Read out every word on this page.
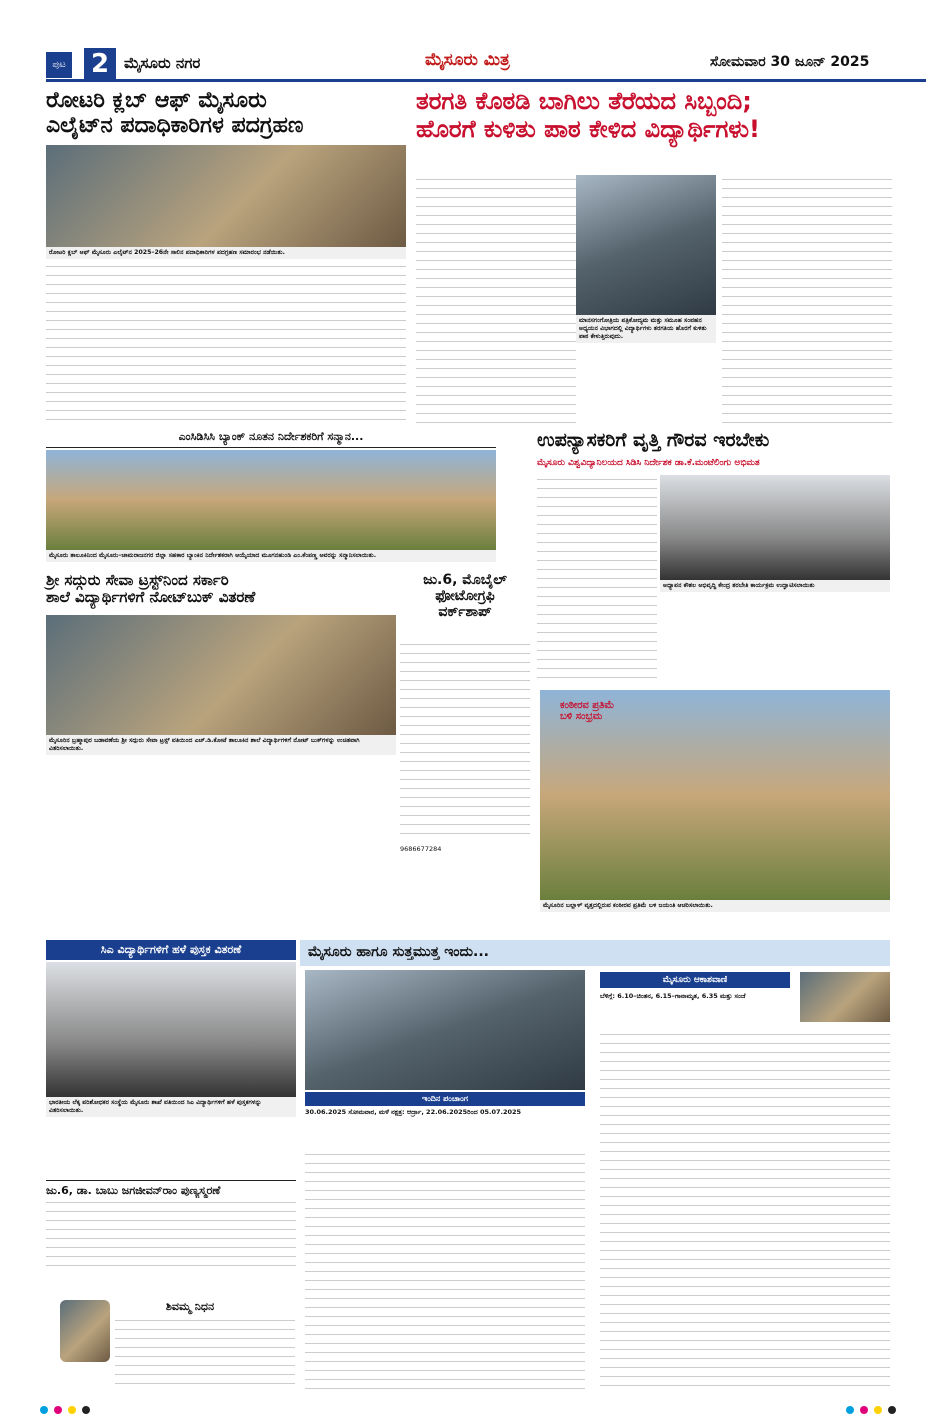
ಪುಟ 2 ಮೈಸೂರು ನಗರ	ಮೈಸೂರು ಮಿತ್ರ	ಸೋಮವಾರ 30 ಜೂನ್ 2025
ರೋಟರಿ ಕ್ಲಬ್ ಆಫ್ ಮೈಸೂರು
ಎಲೈಟ್‌ನ ಪದಾಧಿಕಾರಿಗಳ ಪದಗ್ರಹಣ
ರೋಟರಿ ಕ್ಲಬ್ ಆಫ್ ಮೈಸೂರು ಎಲೈಟ್‌ನ 2025–26ನೇ ಸಾಲಿನ ಪದಾಧಿಕಾರಿಗಳ ಪದಗ್ರಹಣ ಸಮಾರಂಭ ನಡೆಯಿತು.
ತರಗತಿ ಕೊಠಡಿ ಬಾಗಿಲು ತೆರೆಯದ ಸಿಬ್ಬಂದಿ;
ಹೊರಗೆ ಕುಳಿತು ಪಾಠ ಕೇಳಿದ ವಿದ್ಯಾರ್ಥಿಗಳು!
ಮಾನಸಗಂಗೋತ್ರಿಯ ಪತ್ರಿಕೋದ್ಯಮ ಮತ್ತು ಸಮೂಹ ಸಂವಹನ ಅಧ್ಯಯನ ವಿಭಾಗದಲ್ಲಿ ವಿದ್ಯಾರ್ಥಿಗಳು ತರಗತಿಯ ಹೊರಗೆ ಕುಳಿತು ಪಾಠ ಕೇಳುತ್ತಿರುವುದು.
ಎಂಸಿಡಿಸಿಸಿ ಬ್ಯಾಂಕ್ ನೂತನ ನಿರ್ದೇಶಕರಿಗೆ ಸನ್ಮಾನ...
ಮೈಸೂರು ತಾಲೂಕಿನಿಂದ ಮೈಸೂರು–ಚಾಮರಾಜನಗರ ಜಿಲ್ಲಾ ಸಹಕಾರ ಬ್ಯಾಂಕಿನ ನಿರ್ದೇಶಕರಾಗಿ ಆಯ್ಕೆಯಾದ ಮೂಗನಹುಂಡಿ ಎಂ.ಕೆಂಪಣ್ಣ ಅವರನ್ನು ಸನ್ಮಾನಿಸಲಾಯಿತು.
ಉಪನ್ಯಾಸಕರಿಗೆ ವೃತ್ತಿ ಗೌರವ ಇರಬೇಕು
ಮೈಸೂರು ವಿಶ್ವವಿದ್ಯಾನಿಲಯದ ಸಿಡಿಸಿ ನಿರ್ದೇಶಕ ಡಾ.ಕೆ.ಮಂಟೆಲಿಂಗು ಅಭಿಮತ
ಅಧ್ಯಾಪನ ಕೌಶಲ ಅಭಿವೃದ್ಧಿ ಕೇಂದ್ರ ತರಬೇತಿ ಕಾರ್ಯಕ್ರಮ ಉದ್ಘಾಟಿಸಲಾಯಿತು
ಶ್ರೀ ಸದ್ಗುರು ಸೇವಾ ಟ್ರಸ್ಟ್‌ನಿಂದ ಸರ್ಕಾರಿ
ಶಾಲೆ ವಿದ್ಯಾರ್ಥಿಗಳಿಗೆ ನೋಟ್‌ಬುಕ್ ವಿತರಣೆ
ಮೈಸೂರಿನ ಬ್ರಹ್ಮಾಪುರ ಬಡಾವಣೆಯ ಶ್ರೀ ಸದ್ಗುರು ಸೇವಾ ಟ್ರಸ್ಟ್ ವತಿಯಿಂದ ಎಚ್.ಡಿ.ಕೋಟೆ ತಾಲೂಕಿನ ಶಾಲೆ ವಿದ್ಯಾರ್ಥಿಗಳಿಗೆ ನೋಟ್ ಬುಕ್‌ಗಳನ್ನು ಉಚಿತವಾಗಿ ವಿತರಿಸಲಾಯಿತು.
ಜು.6, ಮೊಬೈಲ್
ಫೋಟೋಗ್ರಫಿ
ವರ್ಕ್‌ಶಾಪ್
9686677284
ಕಂಠೀರವ ಪ್ರತಿಮೆ
ಬಳಿ ಸಂಭ್ರಮ
ಮೈಸೂರಿನ ಬಲ್ಲಾಳ್ ವೃತ್ತದಲ್ಲಿರುವ ಕಂಠೀರವ ಪ್ರತಿಮೆ ಬಳಿ ಜಯಂತಿ ಆಚರಿಸಲಾಯಿತು.
ಸಿಎ ವಿದ್ಯಾರ್ಥಿಗಳಿಗೆ ಹಳೆ ಪುಸ್ತಕ ವಿತರಣೆ
ಭಾರತೀಯ ಲೆಕ್ಕ ಪರಿಶೋಧಕರ ಸಂಸ್ಥೆಯ ಮೈಸೂರು ಶಾಖೆ ವತಿಯಿಂದ ಸಿಎ ವಿದ್ಯಾರ್ಥಿಗಳಿಗೆ ಹಳೆ ಪುಸ್ತಕಗಳನ್ನು ವಿತರಿಸಲಾಯಿತು.
ಜು.6, ಡಾ. ಬಾಬು ಜಗಜೀವನ್‌ರಾಂ ಪುಣ್ಯಸ್ಮರಣೆ
ಶಿವಮ್ಮ ನಿಧನ
ಮೈಸೂರು ಹಾಗೂ ಸುತ್ತಮುತ್ತ ಇಂದು...
ಇಂದಿನ ಪಂಚಾಂಗ
30.06.2025 ಸೋಮವಾರ, ಮಳೆ ನಕ್ಷತ್ರ: ಆರ್ದ್ರಾ, 22.06.2025ರಿಂದ 05.07.2025
ಮೈಸೂರು ಆಕಾಶವಾಣಿ
ಬೆಳಿಗ್ಗೆ: 6.10–ಚಿಂತನ, 6.15–ಗಾನಾಮೃತ, 6.35 ಮತ್ತು ಸಂಜೆ
